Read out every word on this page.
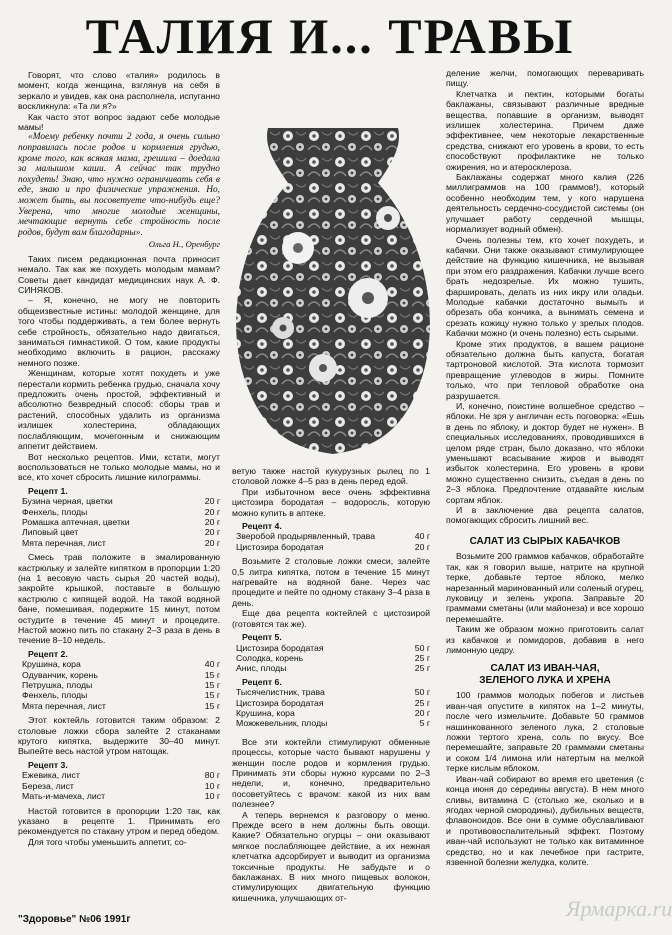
ТАЛИЯ И... ТРАВЫ

Говорят, что слово «талия» родилось в момент, когда женщина, взглянув на себя в зеркало и увидев, как она располнела, испуганно воскликнула: «Та ли я?»

Как часто этот вопрос задают себе молодые мамы!

«Моему ребенку почти 2 года, я очень сильно поправилась после родов и кормления грудью, кроме того, как всякая мама, грешила – доедала за малышом каши. А сейчас так трудно похудеть! Знаю, что нужно ограничивать себя в еде, знаю и про физические упражнения. Но, может быть, вы посоветуете что-нибудь еще? Уверена, что многие молодые женщины, мечтающие вернуть себе стройность после родов, будут вам благодарны».

Ольга Н., Оренбург

Таких писем редакционная почта приносит немало. Так как же похудеть молодым мамам? Советы дает кандидат медицинских наук А. Ф. СИНЯКОВ.

– Я, конечно, не могу не повторить общеизвестные истины: молодой женщине, для того чтобы поддерживать, а тем более вернуть себе стройность, обязательно надо двигаться, заниматься гимнастикой. О том, какие продукты необходимо включить в рацион, расскажу немного позже.

Женщинам, которые хотят похудеть и уже перестали кормить ребенка грудью, сначала хочу предложить очень простой, эффективный и абсолютно безвредный способ: сборы трав и растений, способных удалить из организма излишек холестерина, обладающих послабляющим, мочегонным и снижающим аппетит действием.

Вот несколько рецептов. Ими, кстати, могут воспользоваться не только молодые мамы, но и все, кто хочет сбросить лишние килограммы.

Рецепт 1.
Бузина черная, цветки	20 г
Фенхель, плоды	20 г
Ромашка аптечная, цветки	20 г
Липовый цвет	20 г
Мята перечная, лист	20 г

Смесь трав положите в эмалированную кастрюльку и залейте кипятком в пропорции 1:20 (на 1 весовую часть сырья 20 частей воды), закройте крышкой, поставьте в большую кастрюлю с кипящей водой. На такой водяной бане, помешивая, подержите 15 минут, потом остудите в течение 45 минут и процедите. Настой можно пить по стакану 2–3 раза в день в течение 8–10 недель.

Рецепт 2.
Крушина, кора	40 г
Одуванчик, корень	15 г
Петрушка, плоды	15 г
Фенхель, плоды	15 г
Мята перечная, лист	15 г

Этот коктейль готовится таким образом: 2 столовые ложки сбора залейте 2 стаканами крутого кипятка, выдержите 30–40 минут. Выпейте весь настой утром натощак.

Рецепт 3.
Ежевика, лист	80 г
Береза, лист	10 г
Мать-и-мачеха, лист	10 г

Настой готовится в пропорции 1:20 так, как указано в рецепте 1. Принимать его рекомендуется по стакану утром и перед обедом.

Для того чтобы уменьшить аппетит, со-

ветую также настой кукурузных рылец по 1 столовой ложке 4–5 раз в день перед едой.

При избыточном весе очень эффективна цистозира бородатая – водоросль, которую можно купить в аптеке.

Рецепт 4.
Зверобой продырявленный, трава	40 г
Цистозира бородатая	20 г

Возьмите 2 столовые ложки смеси, залейте 0,5 литра кипятка, потом в течение 15 минут нагревайте на водяной бане. Через час процедите и пейте по одному стакану 3–4 раза в день.

Еще два рецепта коктейлей с цистозирой (готовятся так же).

Рецепт 5.
Цистозира бородатая	50 г
Солодка, корень	25 г
Анис, плоды	25 г
Рецепт 6.
Тысячелистник, трава	50 г
Цистозира бородатая	25 г
Крушина, кора	20 г
Можжевельник, плоды	5 г

Все эти коктейли стимулируют обменные процессы, которые часто бывают нарушены у женщин после родов и кормления грудью. Принимать эти сборы нужно курсами по 2–3 недели, и, конечно, предварительно посоветуйтесь с врачом: какой из них вам полезнее?

А теперь вернемся к разговору о меню. Прежде всего в нем должны быть овощи. Какие? Обязательно огурцы – они оказывают мягкое послабляющее действие, а их нежная клетчатка адсорбирует и выводит из организма токсичные продукты. Не забудьте и о баклажанах. В них много пищевых волокон, стимулирующих двигательную функцию кишечника, улучшающих от-

деление желчи, помогающих переваривать пищу.

Клетчатка и пектин, которыми богаты баклажаны, связывают различные вредные вещества, попавшие в организм, выводят излишек холестерина. Причем даже эффективнее, чем некоторые лекарственные средства, снижают его уровень в крови, то есть способствуют профилактике не только ожирения, но и атеросклероза.

Баклажаны содержат много калия (226 миллиграммов на 100 граммов!), который особенно необходим тем, у кого нарушена деятельность сердечно-сосудистой системы (он улучшает работу сердечной мышцы, нормализует водный обмен).

Очень полезны тем, кто хочет похудеть, и кабачки. Они также оказывают стимулирующее действие на функцию кишечника, не вызывая при этом его раздражения. Кабачки лучше всего брать недозрелые. Их можно тушить, фаршировать, делать из них икру или оладьи. Молодые кабачки достаточно вымыть и обрезать оба кончика, а вынимать семена и срезать кожицу нужно только у зрелых плодов. Кабачки можно (и очень полезно) есть сырыми.

Кроме этих продуктов, в вашем рационе обязательно должна быть капуста, богатая тартроновой кислотой. Эта кислота тормозит превращение углеводов в жиры. Помните только, что при тепловой обработке она разрушается.

И, конечно, поистине волшебное средство – яблоки. Не зря у англичан есть поговорка: «Ешь в день по яблоку, и доктор будет не нужен». В специальных исследованиях, проводившихся в целом ряде стран, было доказано, что яблоки уменьшают всасывание жиров и выводят избыток холестерина. Его уровень в крови можно существенно снизить, съедая в день по 2–3 яблока. Предпочтение отдавайте кислым сортам яблок.

И в заключение два рецепта салатов, помогающих сбросить лишний вес.

САЛАТ ИЗ СЫРЫХ КАБАЧКОВ

Возьмите 200 граммов кабачков, обработайте так, как я говорил выше, натрите на крупной терке, добавьте тертое яблоко, мелко нарезанный маринованный или соленый огурец, луковицу и зелень укропа. Заправьте 20 граммами сметаны (или майонеза) и все хорошо перемешайте.

Таким же образом можно приготовить салат из кабачков и помидоров, добавив в него лимонную цедру.

САЛАТ ИЗ ИВАН-ЧАЯ,
ЗЕЛЕНОГО ЛУКА И ХРЕНА

100 граммов молодых побегов и листьев иван-чая опустите в кипяток на 1–2 минуты, после чего измельчите. Добавьте 50 граммов нашинкованного зеленого лука, 2 столовые ложки тертого хрена, соль по вкусу. Все перемешайте, заправьте 20 граммами сметаны и соком 1/4 лимона или натертым на мелкой терке кислым яблоком.

Иван-чай собирают во время его цветения (с конца июня до середины августа). В нем много сливы, витамина С (столько же, сколько и в ягодах черной смородины), дубильных веществ, флавоноидов. Все они в сумме обуславливают и противовоспалительный эффект. Поэтому иван-чай используют не только как витаминное средство, но и как лечебное при гастрите, язвенной болезни желудка, колите.

"Здоровье" №06 1991г	Ярмарка.ru
